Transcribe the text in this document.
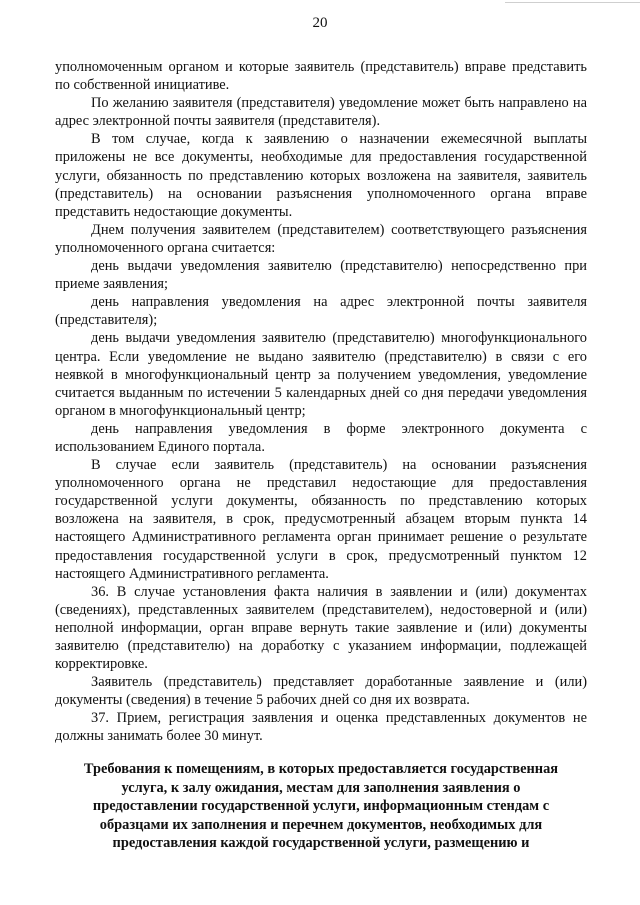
20

уполномоченным органом и которые заявитель (представитель) вправе представить по собственной инициативе.

По желанию заявителя (представителя) уведомление может быть направлено на адрес электронной почты заявителя (представителя).

В том случае, когда к заявлению о назначении ежемесячной выплаты приложены не все документы, необходимые для предоставления государственной услуги, обязанность по представлению которых возложена на заявителя, заявитель (представитель) на основании разъяснения уполномоченного органа вправе представить недостающие документы.

Днем получения заявителем (представителем) соответствующего разъяснения уполномоченного органа считается:

день выдачи уведомления заявителю (представителю) непосредственно при приеме заявления;

день направления уведомления на адрес электронной почты заявителя (представителя);

день выдачи уведомления заявителю (представителю) многофункционального центра. Если уведомление не выдано заявителю (представителю) в связи с его неявкой в многофункциональный центр за получением уведомления, уведомление считается выданным по истечении 5 календарных дней со дня передачи уведомления органом в многофункциональный центр;

день направления уведомления в форме электронного документа с использованием Единого портала.

В случае если заявитель (представитель) на основании разъяснения уполномоченного органа не представил недостающие для предоставления государственной услуги документы, обязанность по представлению которых возложена на заявителя, в срок, предусмотренный абзацем вторым пункта 14 настоящего Административного регламента орган принимает решение о результате предоставления государственной услуги в срок, предусмотренный пунктом 12 настоящего Административного регламента.

36. В случае установления факта наличия в заявлении и (или) документах (сведениях), представленных заявителем (представителем), недостоверной и (или) неполной информации, орган вправе вернуть такие заявление и (или) документы заявителю (представителю) на доработку с указанием информации, подлежащей корректировке.

Заявитель (представитель) представляет доработанные заявление и (или) документы (сведения) в течение 5 рабочих дней со дня их возврата.

37. Прием, регистрация заявления и оценка представленных документов не должны занимать более 30 минут.

Требования к помещениям, в которых предоставляется государственная
услуга, к залу ожидания, местам для заполнения заявления о
предоставлении государственной услуги, информационным стендам с
образцами их заполнения и перечнем документов, необходимых для
предоставления каждой государственной услуги, размещению и
